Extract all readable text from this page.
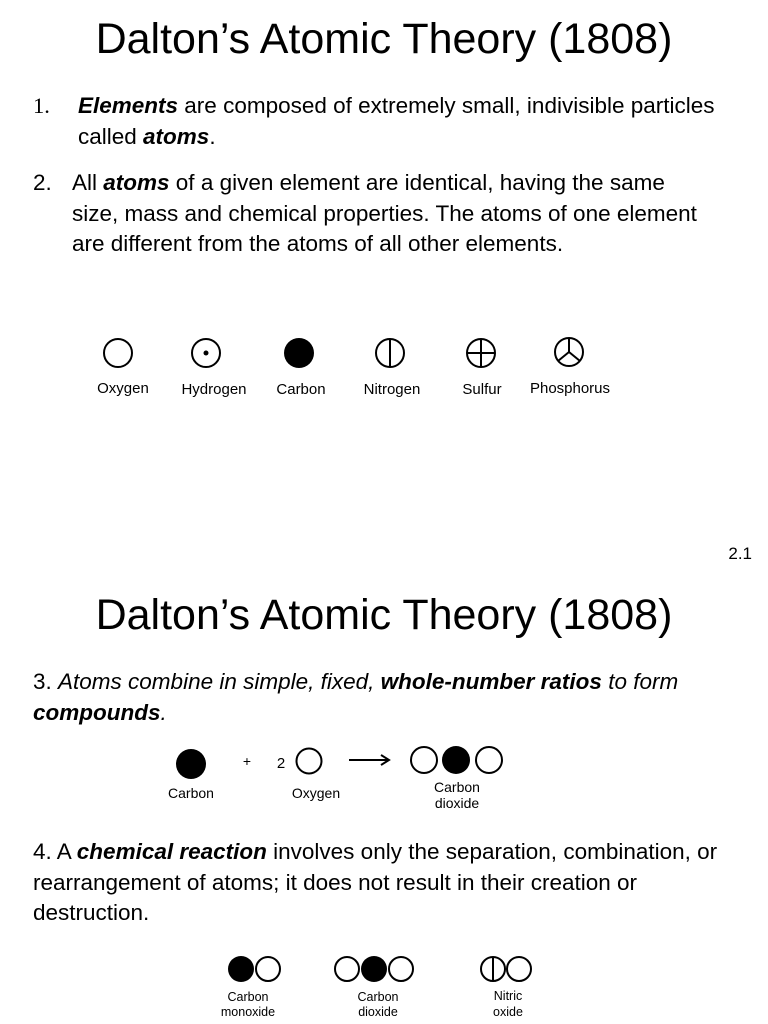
Dalton’s Atomic Theory (1808)
1. Elements are composed of extremely small, indivisible particles called atoms.
2. All atoms of a given element are identical, having the same size, mass and chemical properties. The atoms of one element are different from the atoms of all other elements.
Oxygen Hydrogen Carbon	Nitrogen	Sulfur Phosphorus
2.1
Dalton’s Atomic Theory (1808)
3. Atoms combine in simple, fixed, whole-number ratios to form compounds.
+ 2
Carbon	Oxygen	Carbon
dioxide
4. A chemical reaction involves only the separation, combination, or rearrangement of atoms; it does not result in their creation or destruction.
Carbon
monoxide
Carbon
dioxide
Nitric
oxide
